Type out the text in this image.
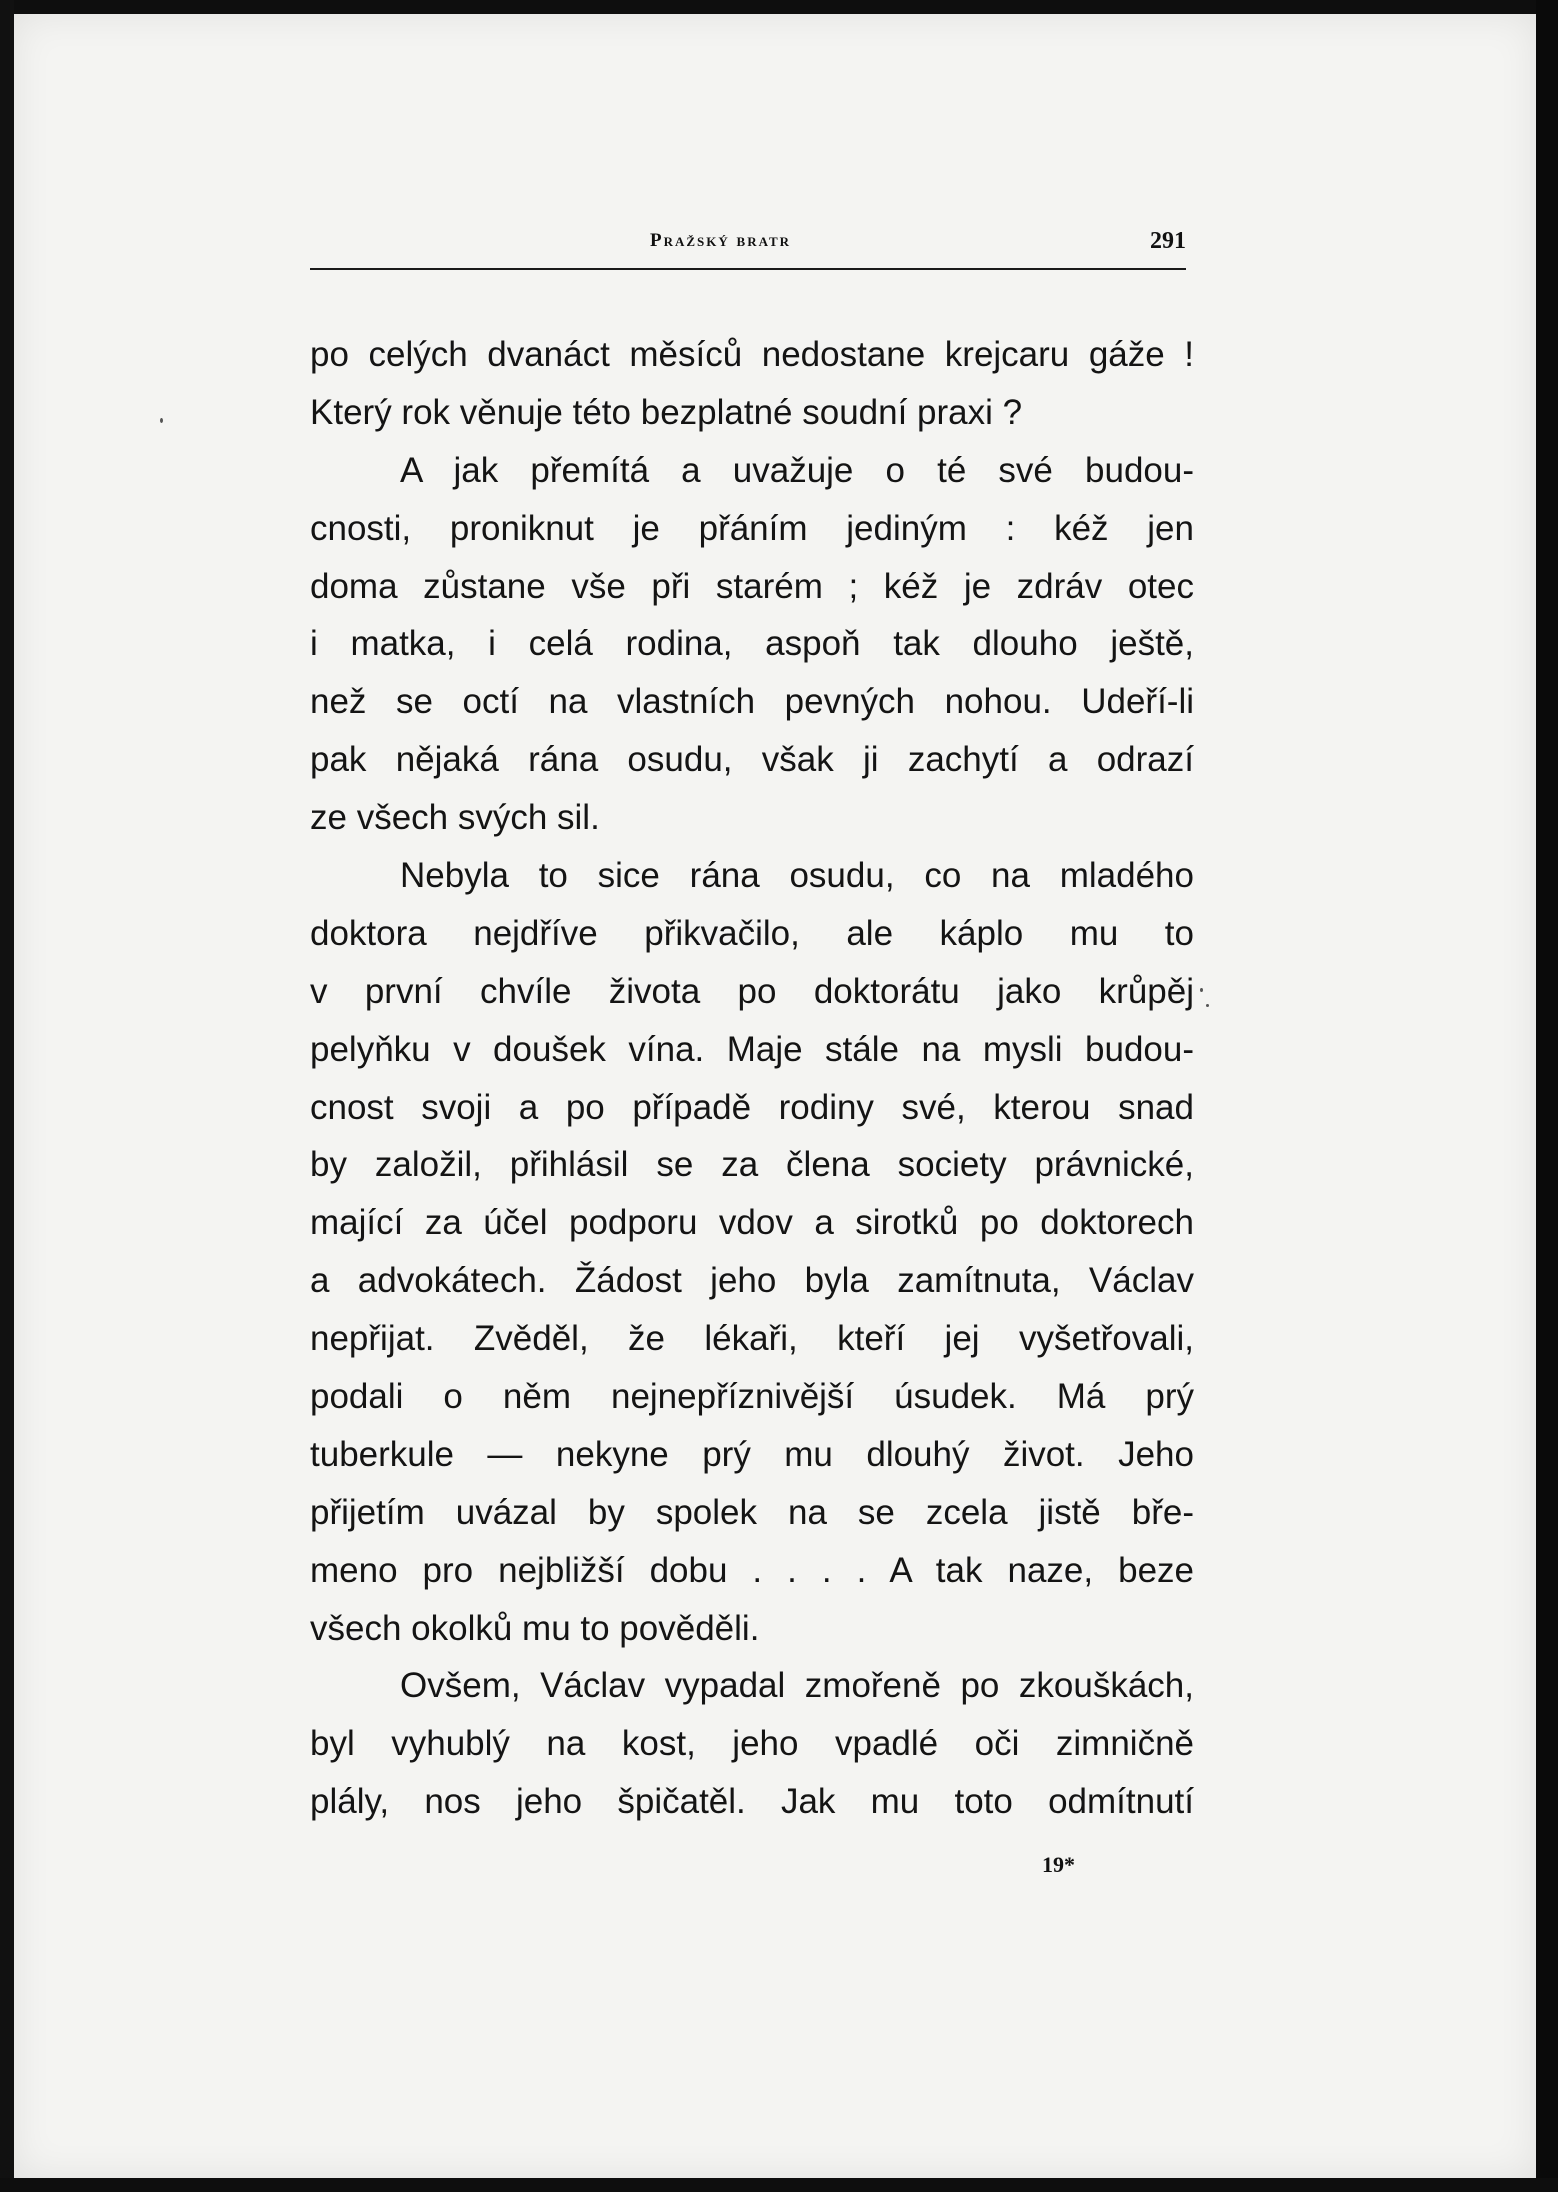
Pražský bratr	291
po celých dvanáct měsíců nedostane krejcaru gáže !
Který rok věnuje této bezplatné soudní praxi ?
A jak přemítá a uvažuje o té své budou-
cnosti, proniknut je přáním jediným : kéž jen
doma zůstane vše při starém ; kéž je zdráv otec
i matka, i celá rodina, aspoň tak dlouho ještě,
než se octí na vlastních pevných nohou. Udeří-li
pak nějaká rána osudu, však ji zachytí a odrazí
ze všech svých sil.
Nebyla to sice rána osudu, co na mladého
doktora nejdříve přikvačilo, ale káplo mu to
v první chvíle života po doktorátu jako krůpěj
pelyňku v doušek vína. Maje stále na mysli budou-
cnost svoji a po případě rodiny své, kterou snad
by založil, přihlásil se za člena society právnické,
mající za účel podporu vdov a sirotků po doktorech
a advokátech. Žádost jeho byla zamítnuta, Václav
nepřijat. Zvěděl, že lékaři, kteří jej vyšetřovali,
podali o něm nejnepříznivější úsudek. Má prý
tuberkule — nekyne prý mu dlouhý život. Jeho
přijetím uvázal by spolek na se zcela jistě bře-
meno pro nejbližší dobu . . . . A tak naze, beze
všech okolků mu to pověděli.
Ovšem, Václav vypadal zmořeně po zkouškách,
byl vyhublý na kost, jeho vpadlé oči zimničně
plály, nos jeho špičatěl. Jak mu toto odmítnutí
19*
